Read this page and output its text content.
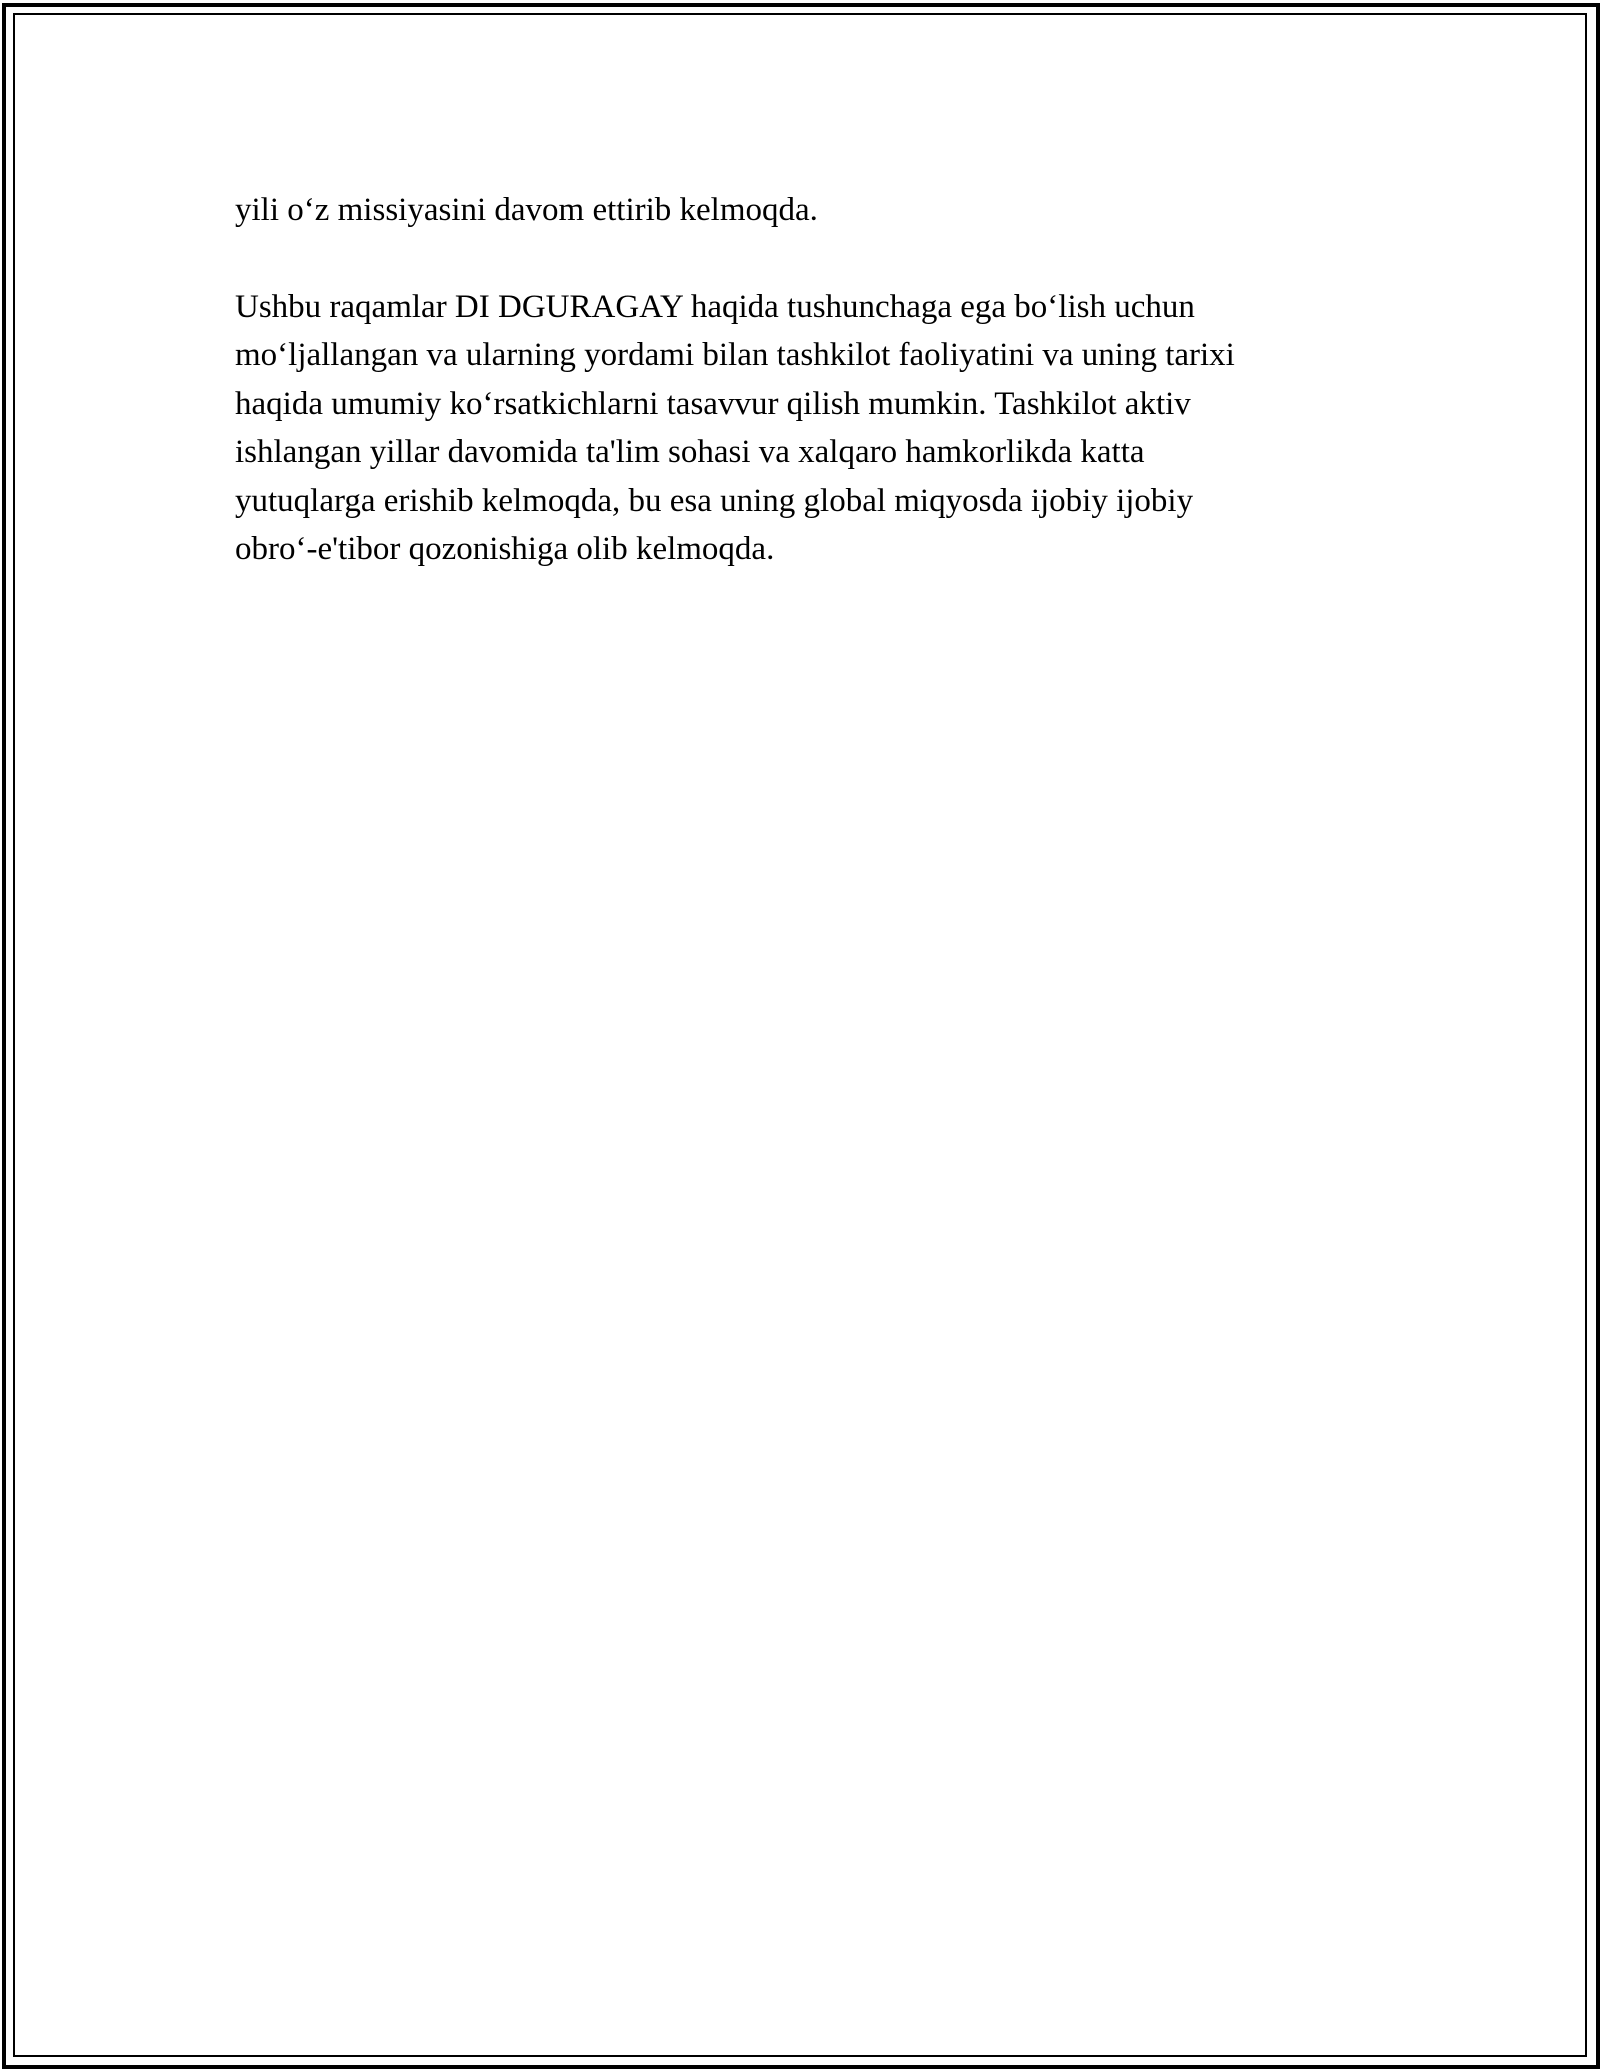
yili o‘z missiyasini davom ettirib kelmoqda.

Ushbu raqamlar DI DGURAGAY haqida tushunchaga ega bo‘lish uchun
mo‘ljallangan va ularning yordami bilan tashkilot faoliyatini va uning tarixi
haqida umumiy ko‘rsatkichlarni tasavvur qilish mumkin. Tashkilot aktiv
ishlangan yillar davomida ta'lim sohasi va xalqaro hamkorlikda katta
yutuqlarga erishib kelmoqda, bu esa uning global miqyosda ijobiy ijobiy
obro‘-e'tibor qozonishiga olib kelmoqda.
